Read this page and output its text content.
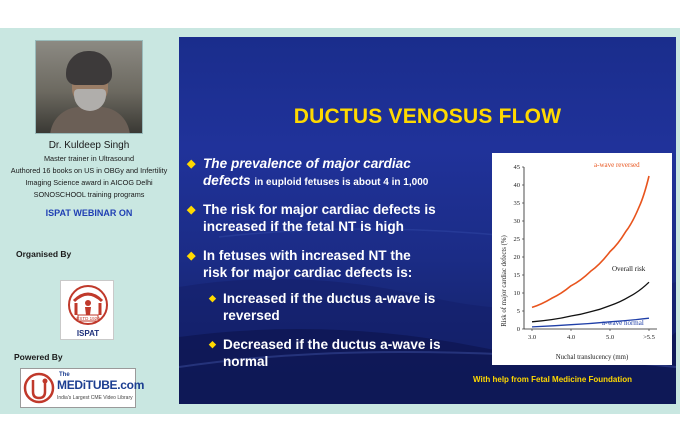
Dr. Kuldeep Singh
Master trainer in Ultrasound
Authored 16 books on US in OBGy and Infertility
Imaging Science award in AICOG Delhi
SONOSCHOOL training programs
ISPAT WEBINAR ON
Organised By
ESTD 1920
ISPAT
Powered By
The
MEDiTUBE.com
India's Largest CME Video Library
DUCTUS VENOSUS FLOW
◆ The prevalence of major cardiac
defects in euploid fetuses is about 4 in 1,000
◆ The risk for major cardiac defects is
increased if the fetal NT is high
◆ In fetuses with increased NT the
risk for major cardiac defects is:
◆ Increased if the ductus a-wave is
reversed
◆ Decreased if the ductus a-wave is
normal
0
5
10
15
20
25
30
35
40
45
3.0	4.0	5.0	>5.5
Risk of major cardiac defects (%)
Nuchal translucency (mm)
a-wave reversed
Overall risk
a-wave normal
With help from Fetal Medicine Foundation
